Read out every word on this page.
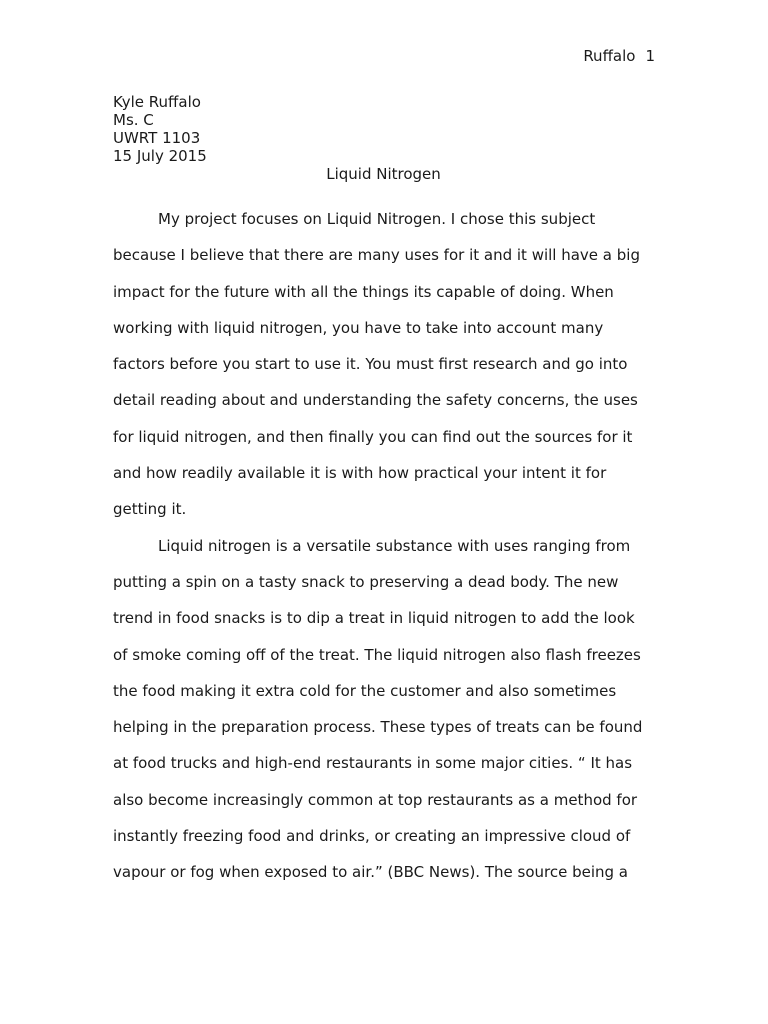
Ruffalo 1
Kyle Ruffalo
Ms. C
UWRT 1103
15 July 2015
Liquid Nitrogen
My project focuses on Liquid Nitrogen. I chose this subject
because I believe that there are many uses for it and it will have a big
impact for the future with all the things its capable of doing. When
working with liquid nitrogen, you have to take into account many
factors before you start to use it. You must first research and go into
detail reading about and understanding the safety concerns, the uses
for liquid nitrogen, and then finally you can find out the sources for it
and how readily available it is with how practical your intent it for
getting it.
Liquid nitrogen is a versatile substance with uses ranging from
putting a spin on a tasty snack to preserving a dead body. The new
trend in food snacks is to dip a treat in liquid nitrogen to add the look
of smoke coming off of the treat. The liquid nitrogen also flash freezes
the food making it extra cold for the customer and also sometimes
helping in the preparation process. These types of treats can be found
at food trucks and high-end restaurants in some major cities. “ It has
also become increasingly common at top restaurants as a method for
instantly freezing food and drinks, or creating an impressive cloud of
vapour or fog when exposed to air.” (BBC News). The source being a
